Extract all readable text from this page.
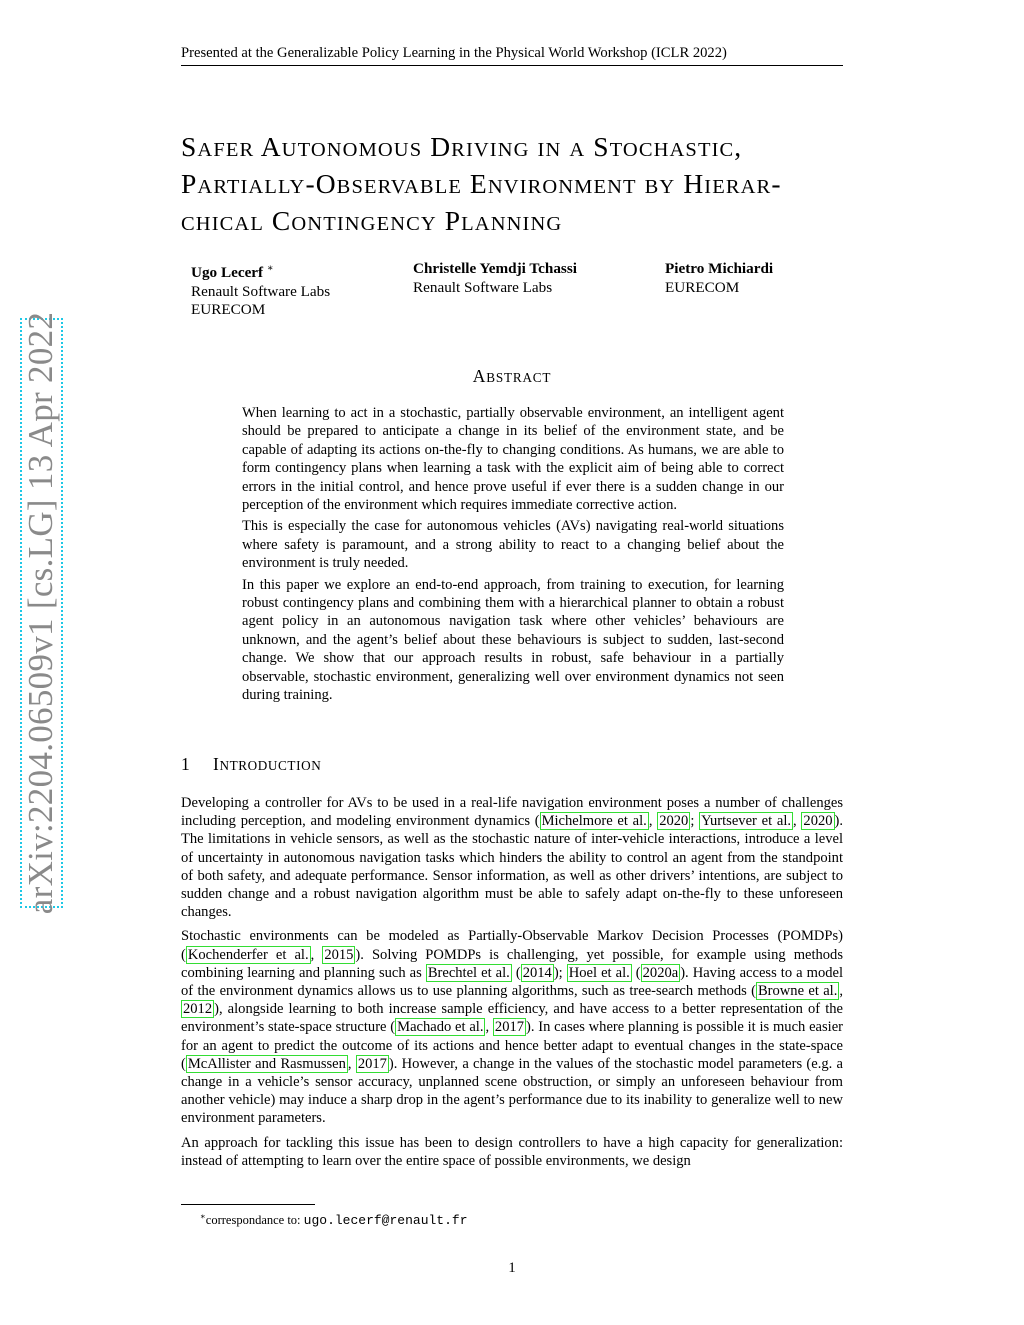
Presented at the Generalizable Policy Learning in the Physical World Workshop (ICLR 2022)
arXiv:2204.06509v1 [cs.LG] 13 Apr 2022
SAFER AUTONOMOUS DRIVING IN A STOCHASTIC,
PARTIALLY-OBSERVABLE ENVIRONMENT BY HIERAR-
CHICAL CONTINGENCY PLANNING
Ugo Lecerf ∗
Renault Software Labs
EURECOM
Christelle Yemdji Tchassi
Renault Software Labs
Pietro Michiardi
EURECOM
ABSTRACT

When learning to act in a stochastic, partially observable environment, an intelligent agent should be prepared to anticipate a change in its belief of the environment state, and be capable of adapting its actions on-the-fly to changing conditions. As humans, we are able to form contingency plans when learning a task with the explicit aim of being able to correct errors in the initial control, and hence prove useful if ever there is a sudden change in our perception of the environment which requires immediate corrective action.

This is especially the case for autonomous vehicles (AVs) navigating real-world situations where safety is paramount, and a strong ability to react to a changing belief about the environment is truly needed.

In this paper we explore an end-to-end approach, from training to execution, for learning robust contingency plans and combining them with a hierarchical planner to obtain a robust agent policy in an autonomous navigation task where other vehicles’ behaviours are unknown, and the agent’s belief about these behaviours is subject to sudden, last-second change. We show that our approach results in robust, safe behaviour in a partially observable, stochastic environment, generalizing well over environment dynamics not seen during training.

1 INTRODUCTION

Developing a controller for AVs to be used in a real-life navigation environment poses a number of challenges including perception, and modeling environment dynamics ( Michelmore et al. , 2020 ; Yurtsever et al. , 2020 ). The limitations in vehicle sensors, as well as the stochastic nature of inter-vehicle interactions, introduce a level of uncertainty in autonomous navigation tasks which hinders the ability to control an agent from the standpoint of both safety, and adequate performance. Sensor information, as well as other drivers’ intentions, are subject to sudden change and a robust navigation algorithm must be able to safely adapt on-the-fly to these unforeseen changes.

Stochastic environments can be modeled as Partially-Observable Markov Decision Processes (POMDPs) ( Kochenderfer et al. , 2015 ). Solving POMDPs is challenging, yet possible, for example using methods combining learning and planning such as Brechtel et al. ( 2014 ); Hoel et al. ( 2020a ). Having access to a model of the environment dynamics allows us to use planning algorithms, such as tree-search methods ( Browne et al. , 2012 ), alongside learning to both increase sample efficiency, and have access to a better representation of the environment’s state-space structure ( Machado et al. , 2017 ). In cases where planning is possible it is much easier for an agent to predict the outcome of its actions and hence better adapt to eventual changes in the state-space ( McAllister and Rasmussen , 2017 ). However, a change in the values of the stochastic model parameters (e.g. a change in a vehicle’s sensor accuracy, unplanned scene obstruction, or simply an unforeseen behaviour from another vehicle) may induce a sharp drop in the agent’s performance due to its inability to generalize well to new environment parameters.

An approach for tackling this issue has been to design controllers to have a high capacity for generalization: instead of attempting to learn over the entire space of possible environments, we design

∗correspondance to: ugo.lecerf@renault.fr
1
